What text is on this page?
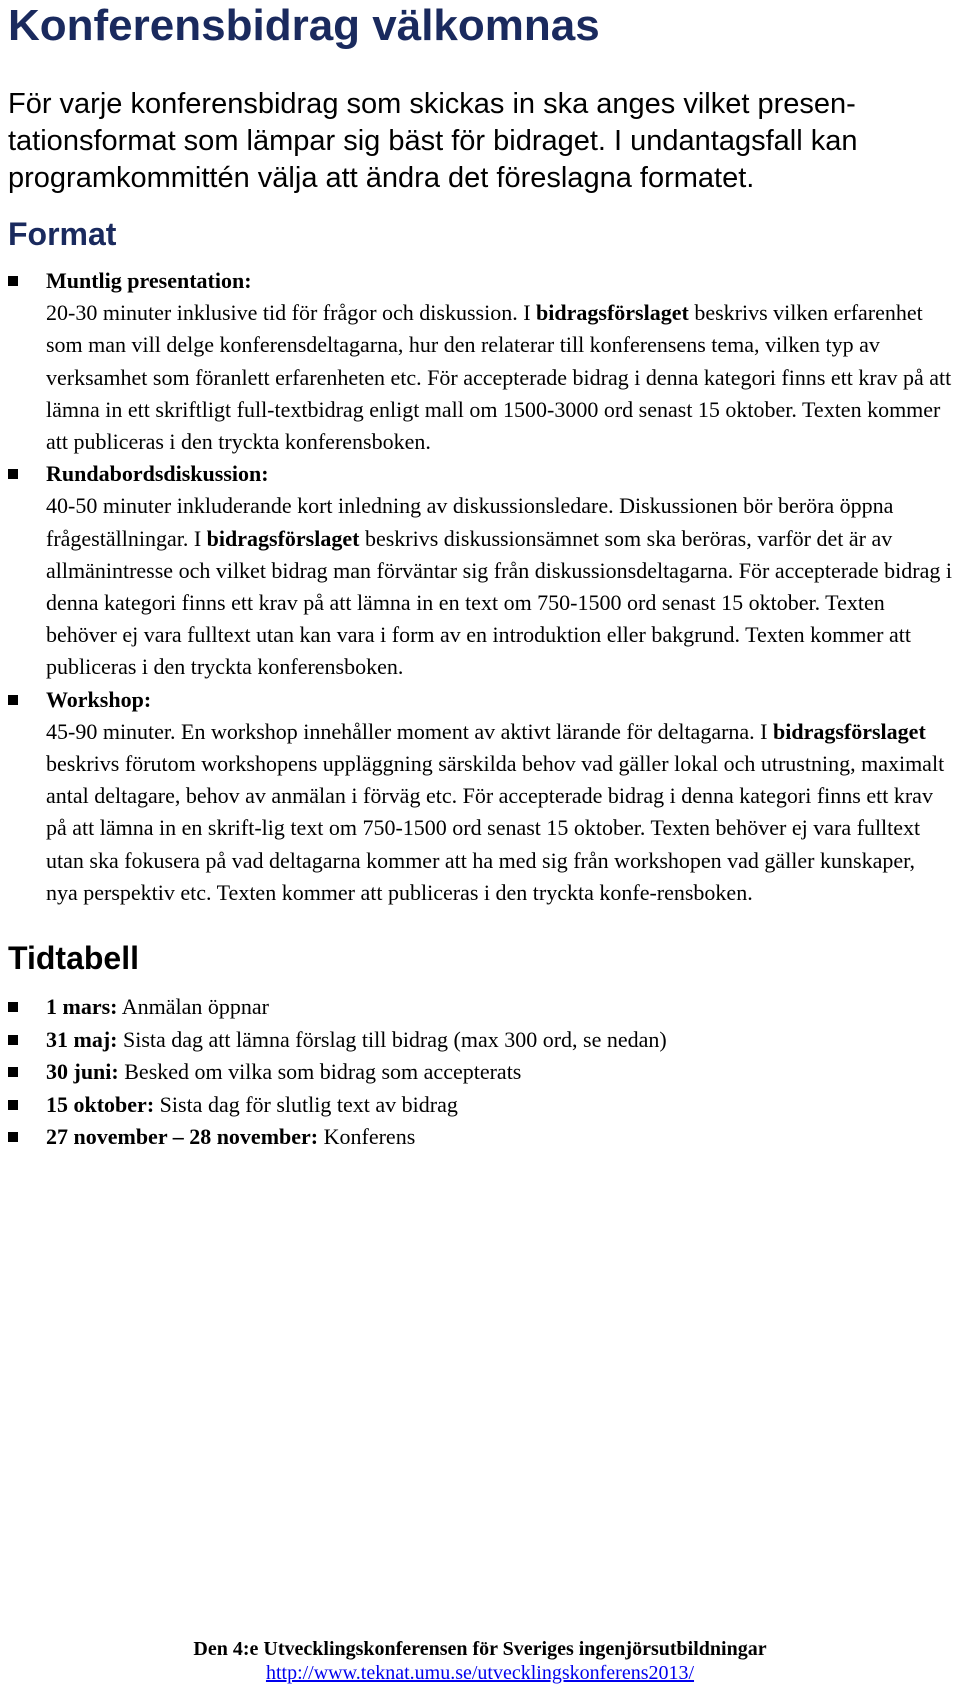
Konferensbidrag välkomnas

För varje konferensbidrag som skickas in ska anges vilket presen-tationsformat som lämpar sig bäst för bidraget. I undantagsfall kan programkommittén välja att ändra det föreslagna formatet.

Format
Muntlig presentation:
20-30 minuter inklusive tid för frågor och diskussion. I bidragsförslaget beskrivs vilken erfarenhet som man vill delge konferensdeltagarna, hur den relaterar till konferensens tema, vilken typ av verksamhet som föranlett erfarenheten etc. För accepterade bidrag i denna kategori finns ett krav på att lämna in ett skriftligt full-textbidrag enligt mall om 1500-3000 ord senast 15 oktober. Texten kommer att publiceras i den tryckta konferensboken.
Rundabordsdiskussion:
40-50 minuter inkluderande kort inledning av diskussionsledare. Diskussionen bör beröra öppna frågeställningar. I bidragsförslaget beskrivs diskussionsämnet som ska beröras, varför det är av allmänintresse och vilket bidrag man förväntar sig från diskussionsdeltagarna. För accepterade bidrag i denna kategori finns ett krav på att lämna in en text om 750-1500 ord senast 15 oktober. Texten behöver ej vara fulltext utan kan vara i form av en introduktion eller bakgrund. Texten kommer att publiceras i den tryckta konferensboken.
Workshop:
45-90 minuter. En workshop innehåller moment av aktivt lärande för deltagarna. I bidragsförslaget beskrivs förutom workshopens uppläggning särskilda behov vad gäller lokal och utrustning, maximalt antal deltagare, behov av anmälan i förväg etc. För accepterade bidrag i denna kategori finns ett krav på att lämna in en skrift-lig text om 750-1500 ord senast 15 oktober. Texten behöver ej vara fulltext utan ska fokusera på vad deltagarna kommer att ha med sig från workshopen vad gäller kunskaper, nya perspektiv etc. Texten kommer att publiceras i den tryckta konfe-rensboken.
Tidtabell
1 mars: Anmälan öppnar
31 maj: Sista dag att lämna förslag till bidrag (max 300 ord, se nedan)
30 juni: Besked om vilka som bidrag som accepterats
15 oktober: Sista dag för slutlig text av bidrag
27 november – 28 november: Konferens
Den 4:e Utvecklingskonferensen för Sveriges ingenjörsutbildningar
http://www.teknat.umu.se/utvecklingskonferens2013/
